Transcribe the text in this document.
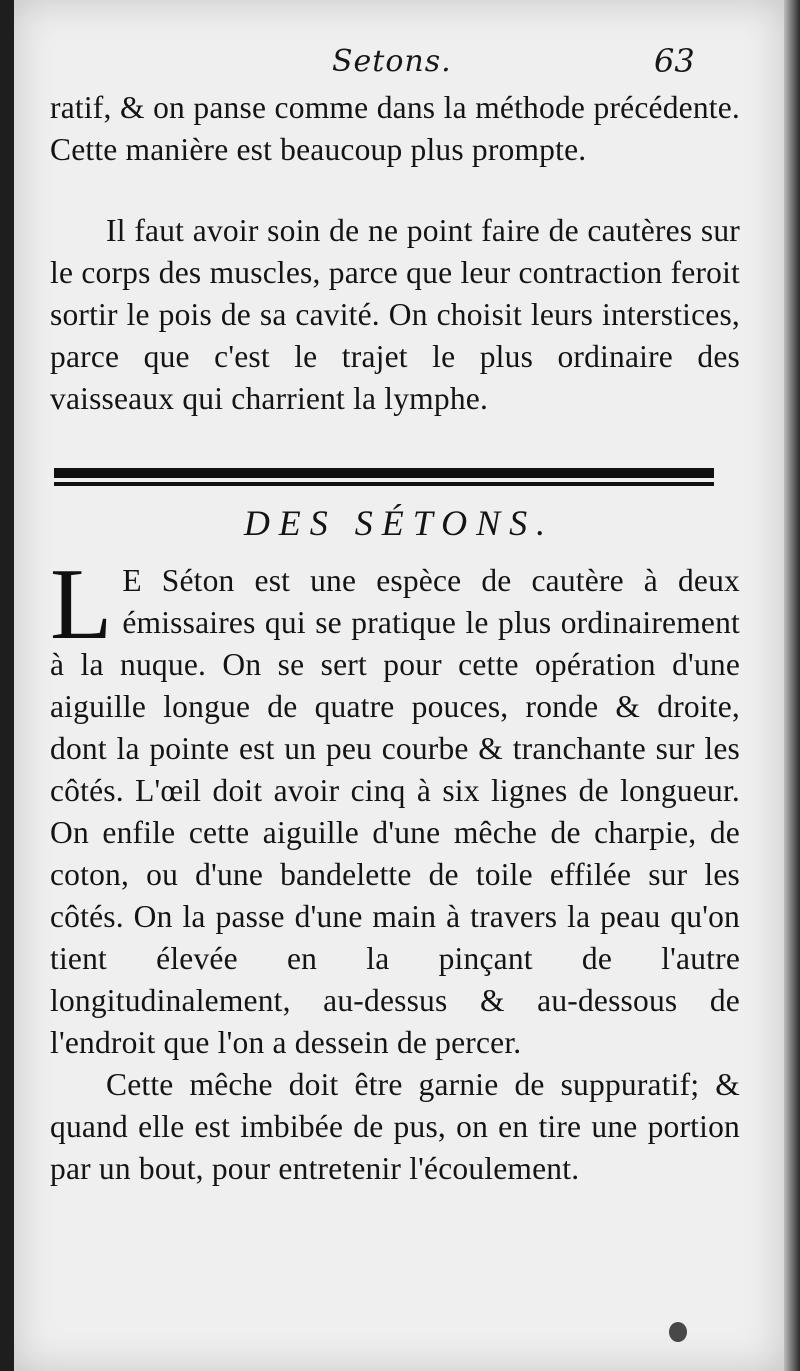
Setons.	63

ratif, & on panse comme dans la méthode précédente. Cette manière est beaucoup plus prompte.

Il faut avoir soin de ne point faire de cautères sur le corps des muscles, parce que leur contraction feroit sortir le pois de sa cavité. On choisit leurs interstices, parce que c'est le trajet le plus ordinaire des vaisseaux qui charrient la lymphe.

DES SÉTONS.
L E Séton est une espèce de cautère à deux émissaires qui se pratique le plus ordinairement à la nuque. On se sert pour cette opération d'une aiguille longue de quatre pouces, ronde & droite, dont la pointe est un peu courbe & tranchante sur les côtés. L'œil doit avoir cinq à six lignes de longueur. On enfile cette aiguille d'une mêche de charpie, de coton, ou d'une bandelette de toile effilée sur les côtés. On la passe d'une main à travers la peau qu'on tient élevée en la pinçant de l'autre longitudinalement, au-dessus & au-dessous de l'endroit que l'on a dessein de percer.

Cette mêche doit être garnie de suppuratif; & quand elle est imbibée de pus, on en tire une portion par un bout, pour entretenir l'écoulement.
